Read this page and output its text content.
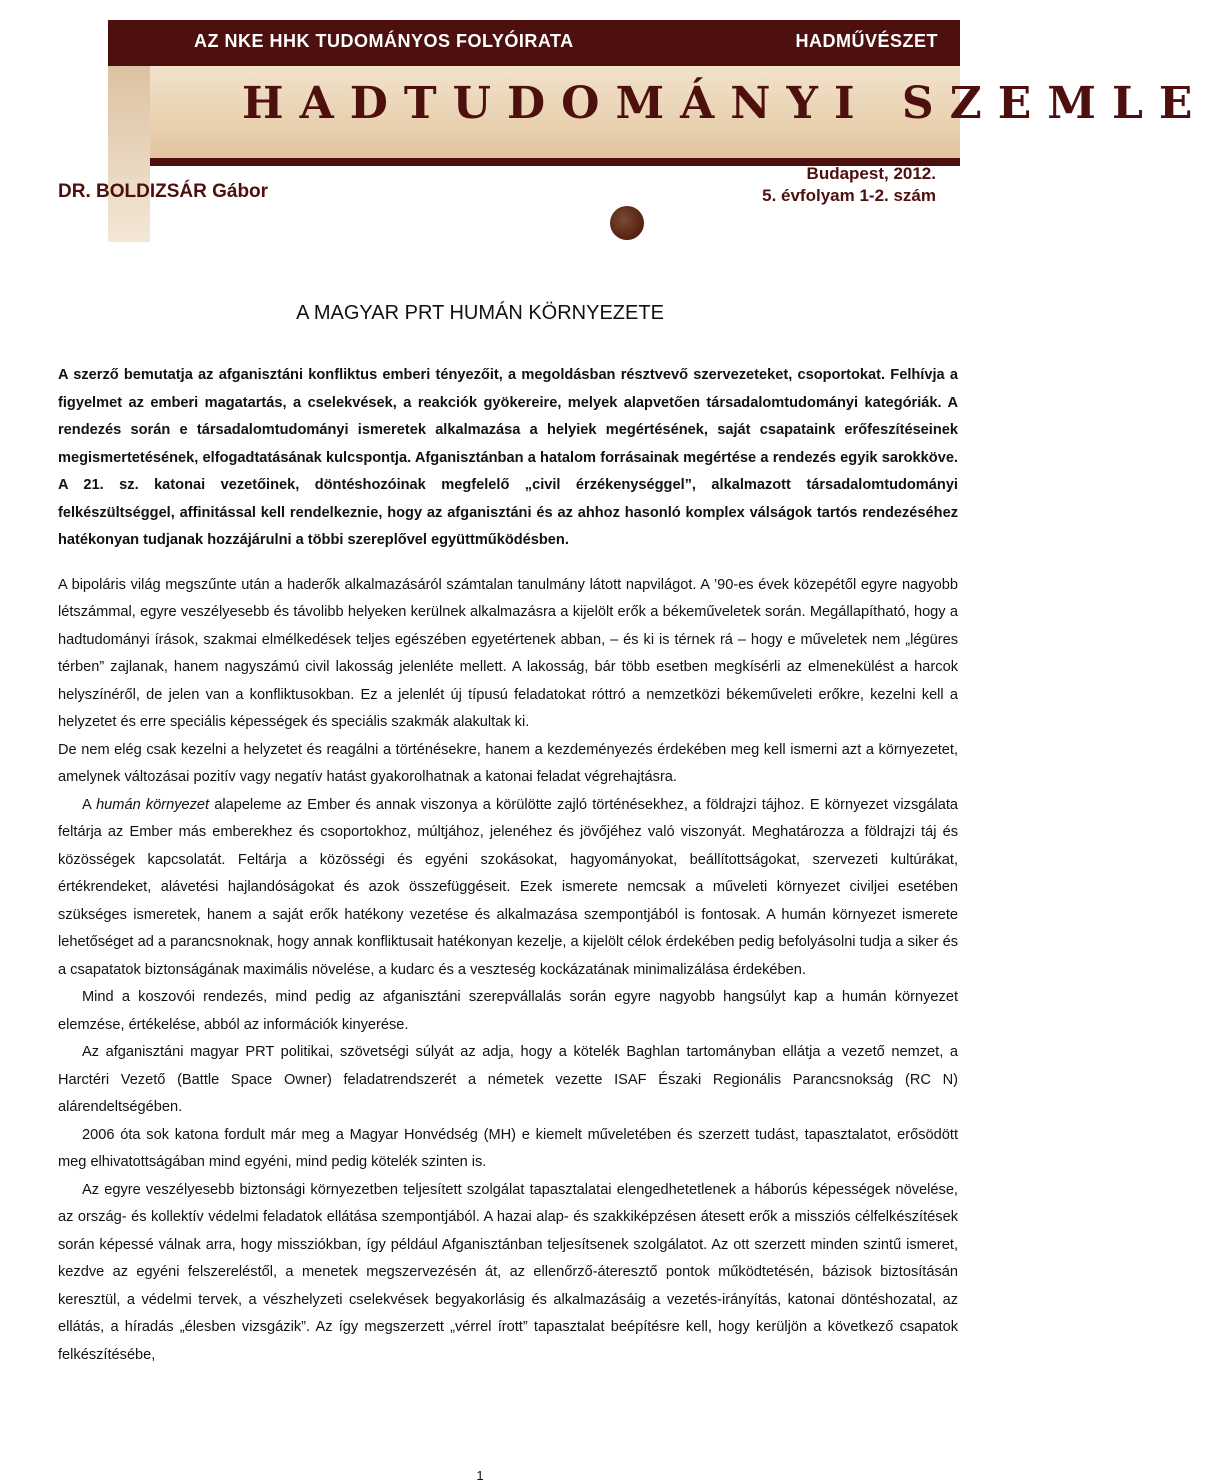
AZ NKE HHK TUDOMÁNYOS FOLYÓIRATA	HADMŰVÉSZET
HADTUDOMÁNYI SZEMLE
DR. BOLDIZSÁR Gábor
Budapest, 2012.
5. évfolyam 1-2. szám
A MAGYAR PRT HUMÁN KÖRNYEZETE

A szerző bemutatja az afganisztáni konfliktus emberi tényezőit, a megoldásban résztvevő szervezeteket, csoportokat. Felhívja a figyelmet az emberi magatartás, a cselekvések, a reakciók gyökereire, melyek alapvetően társadalomtudományi kategóriák. A rendezés során e társadalomtudományi ismeretek alkalmazása a helyiek megértésének, saját csapataink erőfeszítéseinek megismertetésének, elfogadtatásának kulcspontja. Afganisztánban a hatalom forrásainak megértése a rendezés egyik sarokköve. A 21. sz. katonai vezetőinek, döntéshozóinak megfelelő „civil érzékenységgel”, alkalmazott társadalomtudományi felkészültséggel, affinitással kell rendelkeznie, hogy az afganisztáni és az ahhoz hasonló komplex válságok tartós rendezéséhez hatékonyan tudjanak hozzájárulni a többi szereplővel együttműködésben.

A bipoláris világ megszűnte után a haderők alkalmazásáról számtalan tanulmány látott napvilágot. A ’90-es évek közepétől egyre nagyobb létszámmal, egyre veszélyesebb és távolibb helyeken kerülnek alkalmazásra a kijelölt erők a békeműveletek során. Megállapítható, hogy a hadtudományi írások, szakmai elmélkedések teljes egészében egyetértenek abban, – és ki is térnek rá – hogy e műveletek nem „légüres térben” zajlanak, hanem nagyszámú civil lakosság jelenléte mellett. A lakosság, bár több esetben megkísérli az elmenekülést a harcok helyszínéről, de jelen van a konfliktusokban. Ez a jelenlét új típusú feladatokat róttró a nemzetközi békeműveleti erőkre, kezelni kell a helyzetet és erre speciális képességek és speciális szakmák alakultak ki.

De nem elég csak kezelni a helyzetet és reagálni a történésekre, hanem a kezdeményezés érdekében meg kell ismerni azt a környezetet, amelynek változásai pozitív vagy negatív hatást gyakorolhatnak a katonai feladat végrehajtásra.

A humán környezet alapeleme az Ember és annak viszonya a körülötte zajló történésekhez, a földrajzi tájhoz. E környezet vizsgálata feltárja az Ember más emberekhez és csoportokhoz, múltjához, jelenéhez és jövőjéhez való viszonyát. Meghatározza a földrajzi táj és közösségek kapcsolatát. Feltárja a közösségi és egyéni szokásokat, hagyományokat, beállítottságokat, szervezeti kultúrákat, értékrendeket, alávetési hajlandóságokat és azok összefüggéseit. Ezek ismerete nemcsak a műveleti környezet civiljei esetében szükséges ismeretek, hanem a saját erők hatékony vezetése és alkalmazása szempontjából is fontosak. A humán környezet ismerete lehetőséget ad a parancsnoknak, hogy annak konfliktusait hatékonyan kezelje, a kijelölt célok érdekében pedig befolyásolni tudja a siker és a csapatatok biztonságának maximális növelése, a kudarc és a veszteség kockázatának minimalizálása érdekében.

Mind a koszovói rendezés, mind pedig az afganisztáni szerepvállalás során egyre nagyobb hangsúlyt kap a humán környezet elemzése, értékelése, abból az információk kinyerése.

Az afganisztáni magyar PRT politikai, szövetségi súlyát az adja, hogy a kötelék Baghlan tartományban ellátja a vezető nemzet, a Harctéri Vezető (Battle Space Owner) feladatrendszerét a németek vezette ISAF Északi Regionális Parancsnokság (RC N) alárendeltségében.

2006 óta sok katona fordult már meg a Magyar Honvédség (MH) e kiemelt műveletében és szerzett tudást, tapasztalatot, erősödött meg elhivatottságában mind egyéni, mind pedig kötelék szinten is.

Az egyre veszélyesebb biztonsági környezetben teljesített szolgálat tapasztalatai elengedhetetlenek a háborús képességek növelése, az ország- és kollektív védelmi feladatok ellátása szempontjából. A hazai alap- és szakkiképzésen átesett erők a missziós célfelkészítések során képessé válnak arra, hogy missziókban, így például Afganisztánban teljesítsenek szolgálatot. Az ott szerzett minden szintű ismeret, kezdve az egyéni felszereléstől, a menetek megszervezésén át, az ellenőrző-áteresztő pontok működtetésén, bázisok biztosításán keresztül, a védelmi tervek, a vészhelyzeti cselekvések begyakorlásig és alkalmazásáig a vezetés-irányítás, katonai döntéshozatal, az ellátás, a híradás „élesben vizsgázik”. Az így megszerzett „vérrel írott” tapasztalat beépítésre kell, hogy kerüljön a következő csapatok felkészítésébe,

1
